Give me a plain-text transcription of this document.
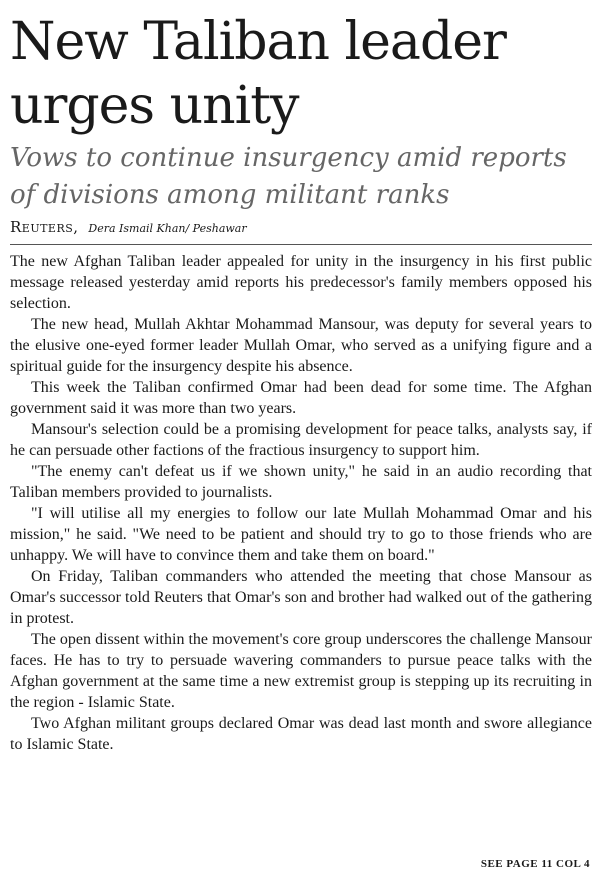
New Taliban leader urges unity
Vows to continue insurgency amid reports of divisions among militant ranks
Reuters, Dera Ismail Khan/ Peshawar

The new Afghan Taliban leader appealed for unity in the insurgency in his first public message released yesterday amid reports his predecessor's family members opposed his selection.

The new head, Mullah Akhtar Mohammad Mansour, was deputy for several years to the elusive one-eyed former leader Mullah Omar, who served as a unifying figure and a spiritual guide for the insurgency despite his absence.

This week the Taliban confirmed Omar had been dead for some time. The Afghan government said it was more than two years.

Mansour's selection could be a promising development for peace talks, analysts say, if he can persuade other factions of the fractious insurgency to support him.

"The enemy can't defeat us if we shown unity," he said in an audio recording that Taliban members provided to journalists.

"I will utilise all my energies to follow our late Mullah Mohammad Omar and his mission," he said. "We need to be patient and should try to go to those friends who are unhappy. We will have to convince them and take them on board."

On Friday, Taliban commanders who attended the meeting that chose Mansour as Omar's successor told Reuters that Omar's son and brother had walked out of the gathering in protest.

The open dissent within the movement's core group underscores the challenge Mansour faces. He has to try to persuade wavering commanders to pursue peace talks with the Afghan government at the same time a new extremist group is stepping up its recruiting in the region - Islamic State.

Two Afghan militant groups declared Omar was dead last month and swore allegiance to Islamic State.

SEE PAGE 11 COL 4
